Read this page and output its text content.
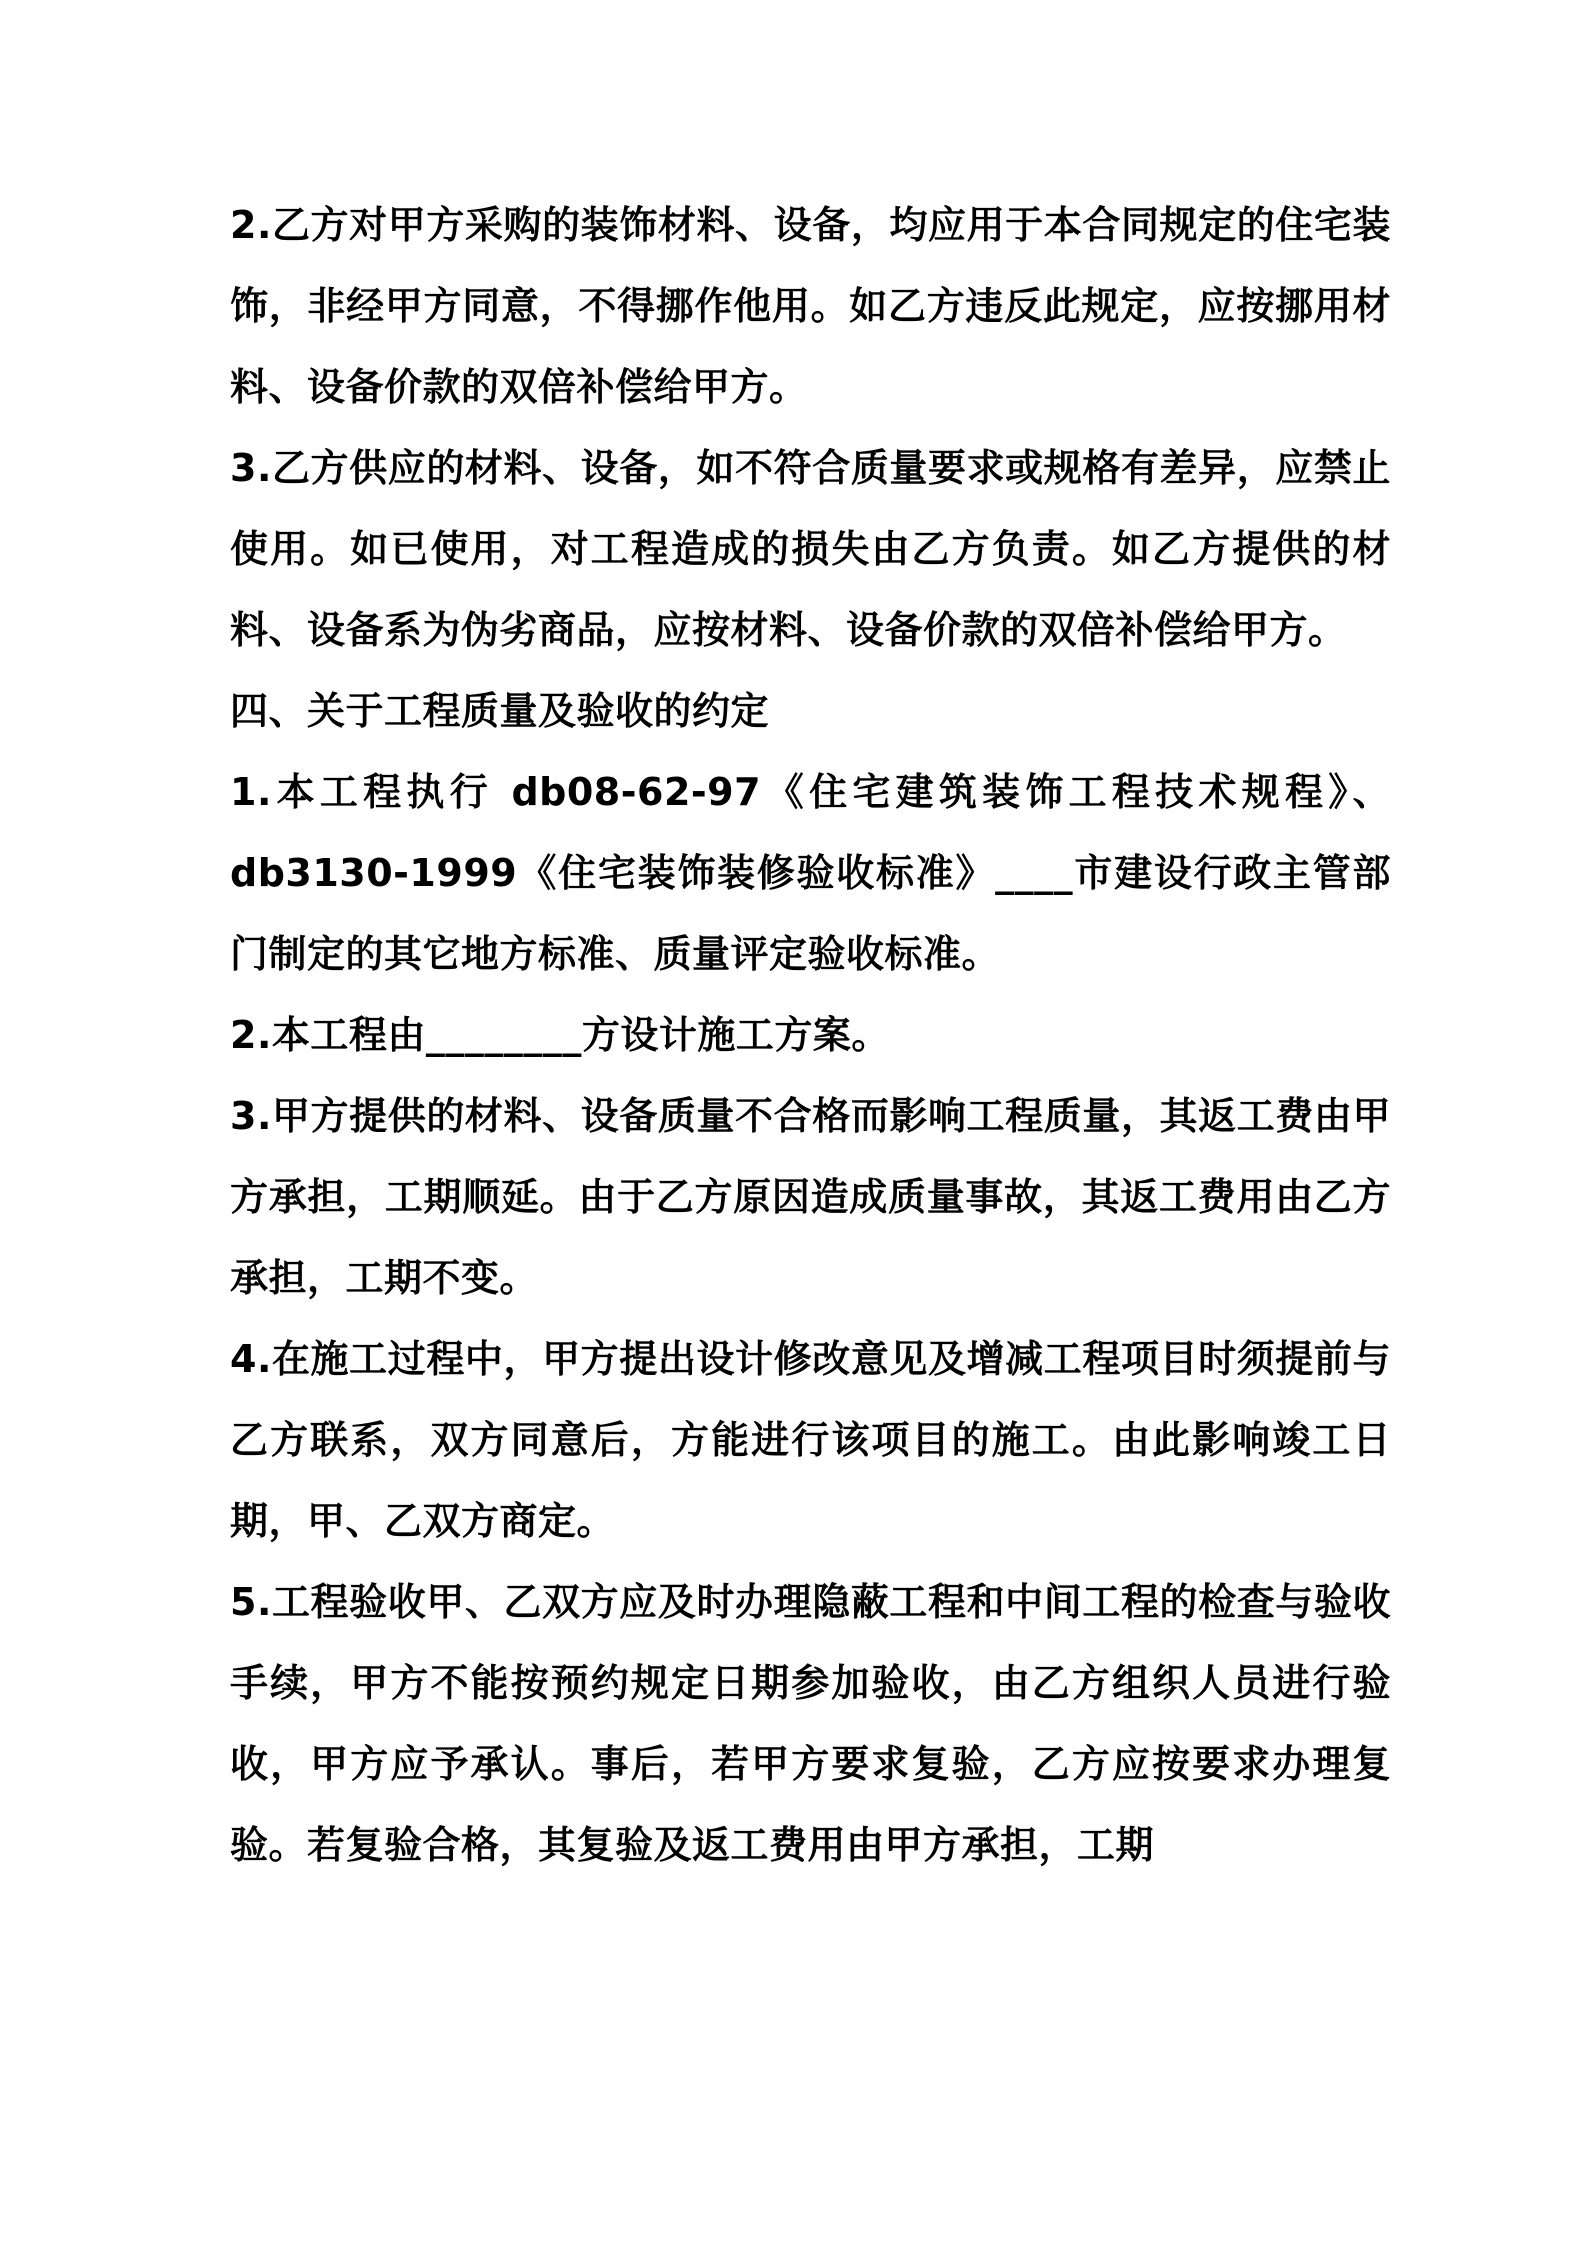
2.乙方对甲方采购的装饰材料、设备，均应用于本合同规定的住宅装饰，非经甲方同意，不得挪作他用。如乙方违反此规定，应按挪用材料、设备价款的双倍补偿给甲方。

3.乙方供应的材料、设备，如不符合质量要求或规格有差异，应禁止使用。如已使用，对工程造成的损失由乙方负责。如乙方提供的材料、设备系为伪劣商品，应按材料、设备价款的双倍补偿给甲方。

四、关于工程质量及验收的约定

1.本工程执行 db08-62-97《住宅建筑装饰工程技术规程》、db3130-1999《住宅装饰装修验收标准》____市建设行政主管部门制定的其它地方标准、质量评定验收标准。

2.本工程由________方设计施工方案。

3.甲方提供的材料、设备质量不合格而影响工程质量，其返工费由甲方承担，工期顺延。由于乙方原因造成质量事故，其返工费用由乙方承担，工期不变。

4.在施工过程中，甲方提出设计修改意见及增减工程项目时须提前与乙方联系，双方同意后，方能进行该项目的施工。由此影响竣工日期，甲、乙双方商定。

5.工程验收甲、乙双方应及时办理隐蔽工程和中间工程的检查与验收手续，甲方不能按预约规定日期参加验收，由乙方组织人员进行验收，甲方应予承认。事后，若甲方要求复验，乙方应按要求办理复验。若复验合格，其复验及返工费用由甲方承担，工期
